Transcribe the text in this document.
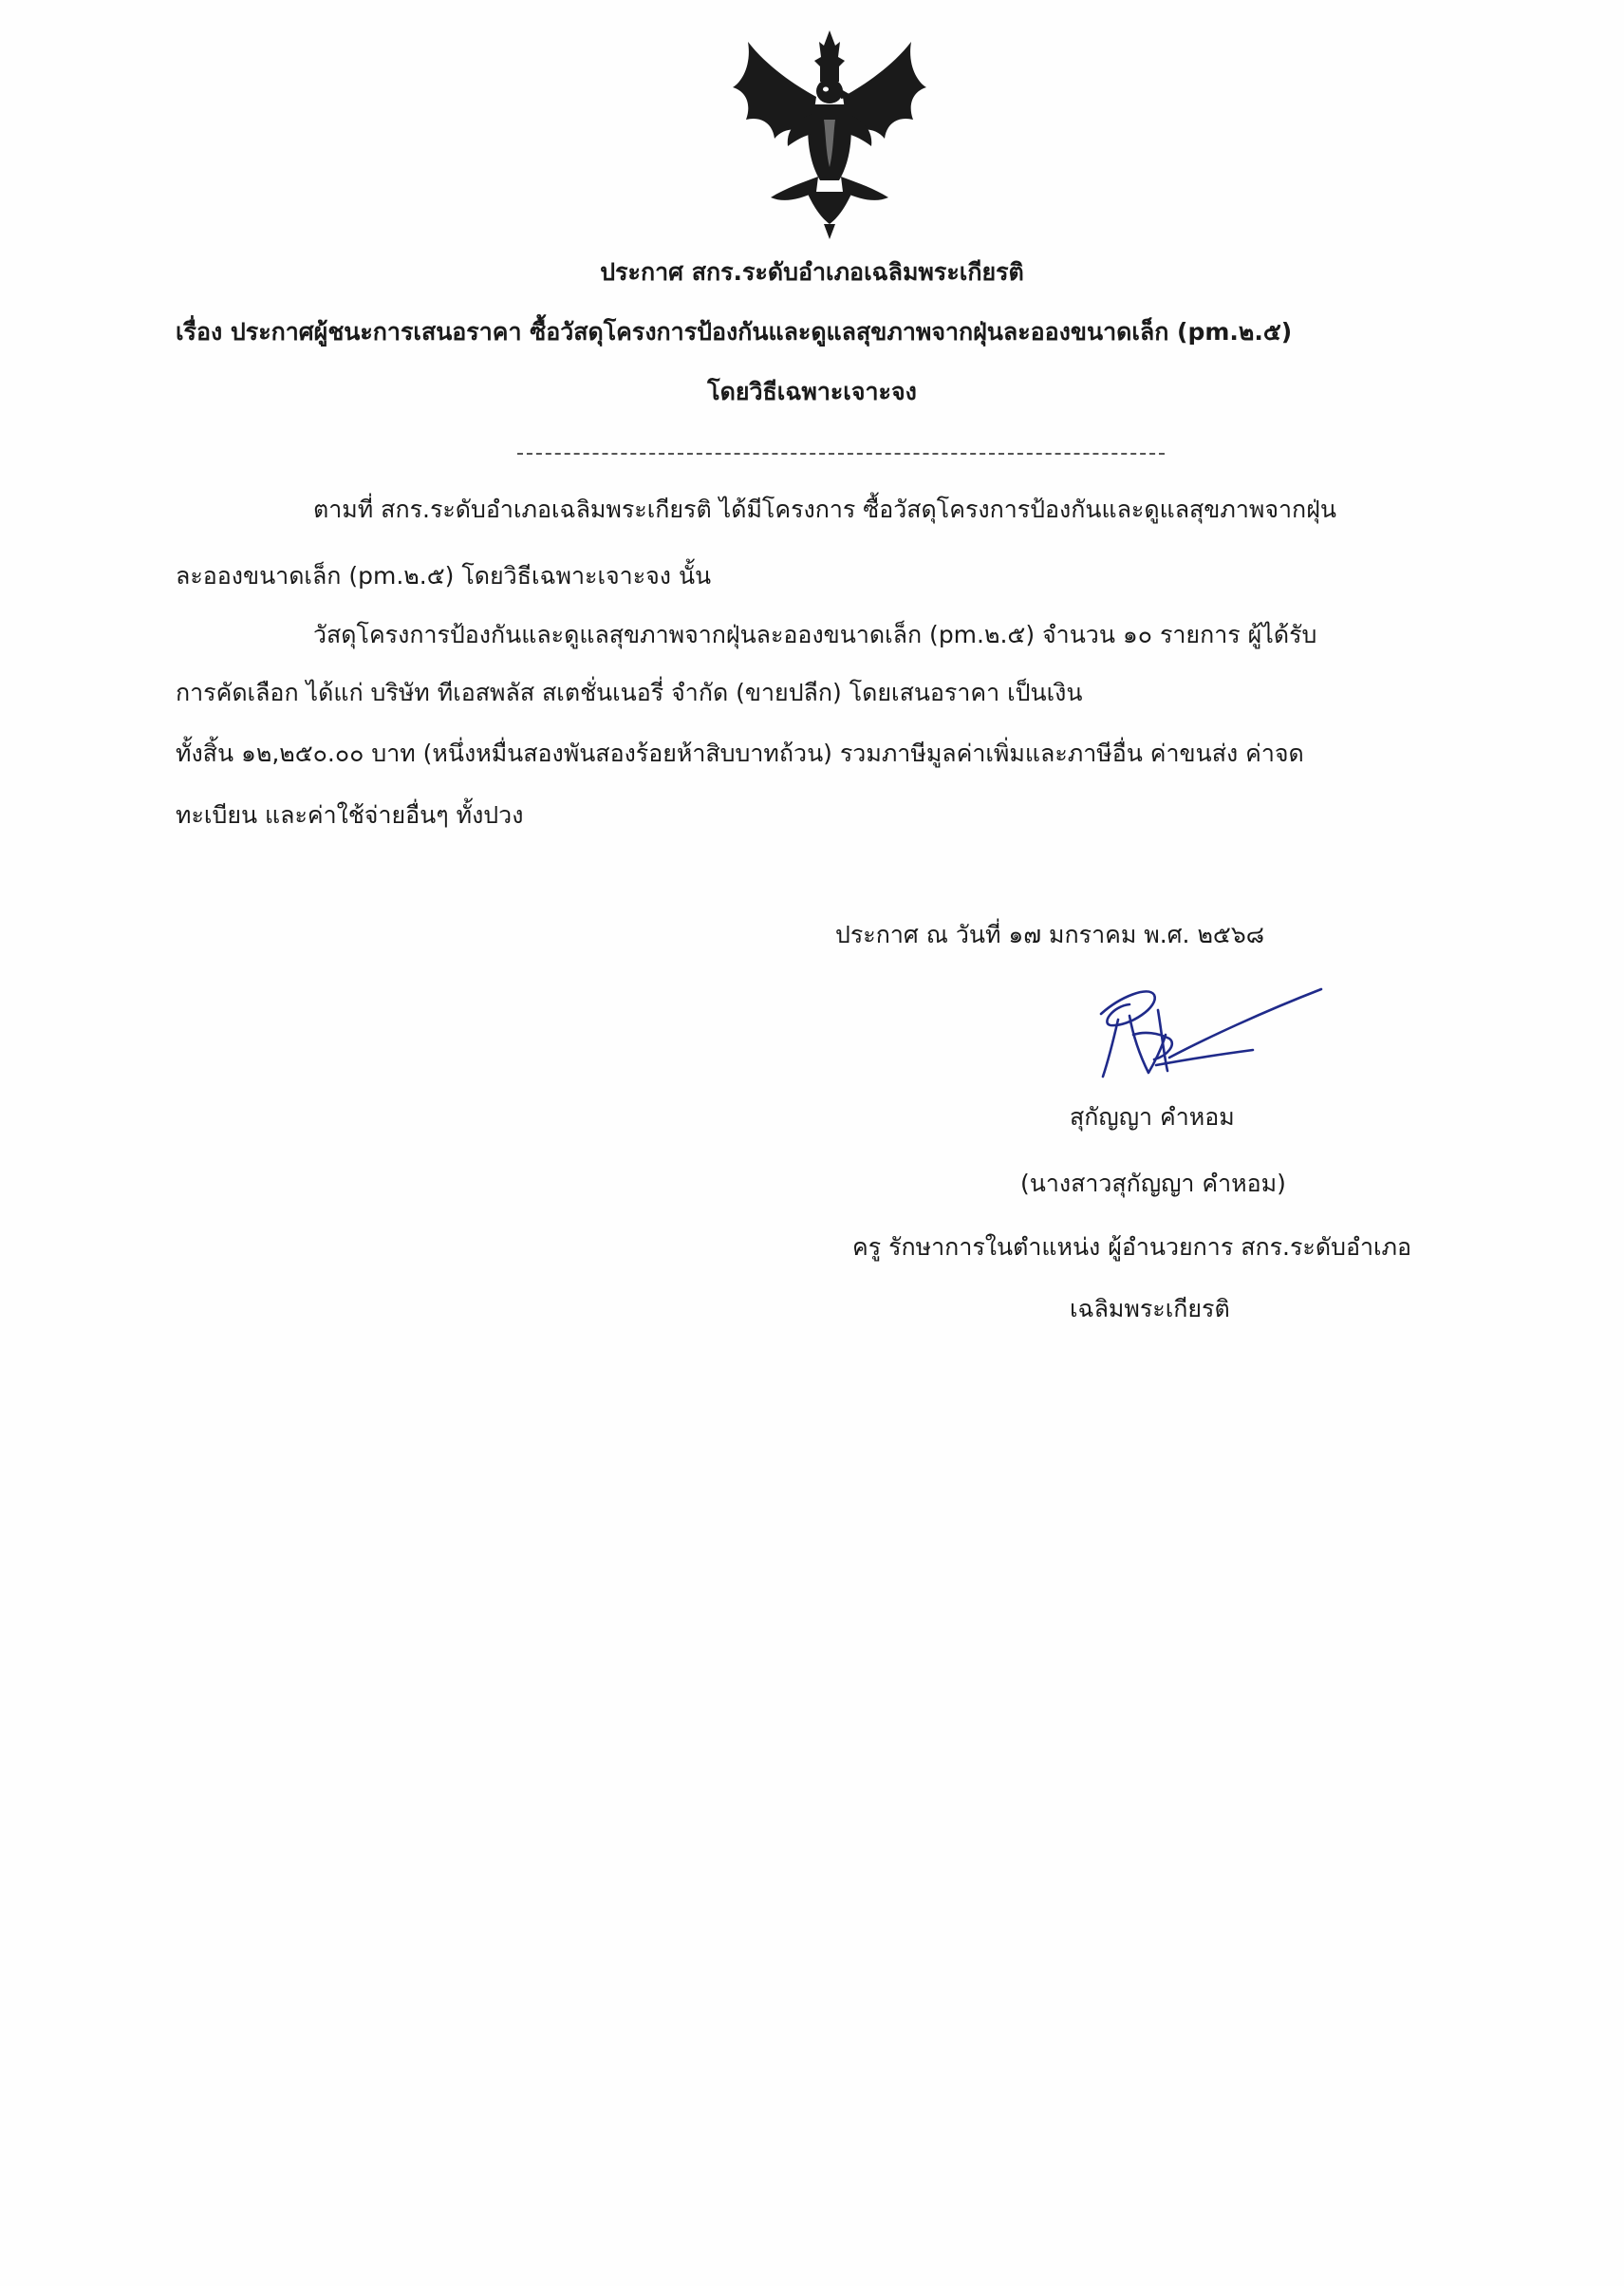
ประกาศ สกร.ระดับอำเภอเฉลิมพระเกียรติ
เรื่อง ประกาศผู้ชนะการเสนอราคา ซื้อวัสดุโครงการป้องกันและดูแลสุขภาพจากฝุ่นละอองขนาดเล็ก (pm.๒.๕)
โดยวิธีเฉพาะเจาะจง
ตามที่ สกร.ระดับอำเภอเฉลิมพระเกียรติ ได้มีโครงการ ซื้อวัสดุโครงการป้องกันและดูแลสุขภาพจากฝุ่น
ละอองขนาดเล็ก (pm.๒.๕) โดยวิธีเฉพาะเจาะจง นั้น
วัสดุโครงการป้องกันและดูแลสุขภาพจากฝุ่นละอองขนาดเล็ก (pm.๒.๕) จำนวน ๑๐ รายการ ผู้ได้รับ
การคัดเลือก ได้แก่ บริษัท ทีเอสพลัส สเตชั่นเนอรี่ จำกัด (ขายปลีก) โดยเสนอราคา เป็นเงิน
ทั้งสิ้น ๑๒,๒๕๐.๐๐ บาท (หนึ่งหมื่นสองพันสองร้อยห้าสิบบาทถ้วน) รวมภาษีมูลค่าเพิ่มและภาษีอื่น ค่าขนส่ง ค่าจด
ทะเบียน และค่าใช้จ่ายอื่นๆ ทั้งปวง
ประกาศ ณ วันที่ ๑๗ มกราคม พ.ศ. ๒๕๖๘
สุกัญญา คำหอม
(นางสาวสุกัญญา คำหอม)
ครู รักษาการในตำแหน่ง ผู้อำนวยการ สกร.ระดับอำเภอ
เฉลิมพระเกียรติ
